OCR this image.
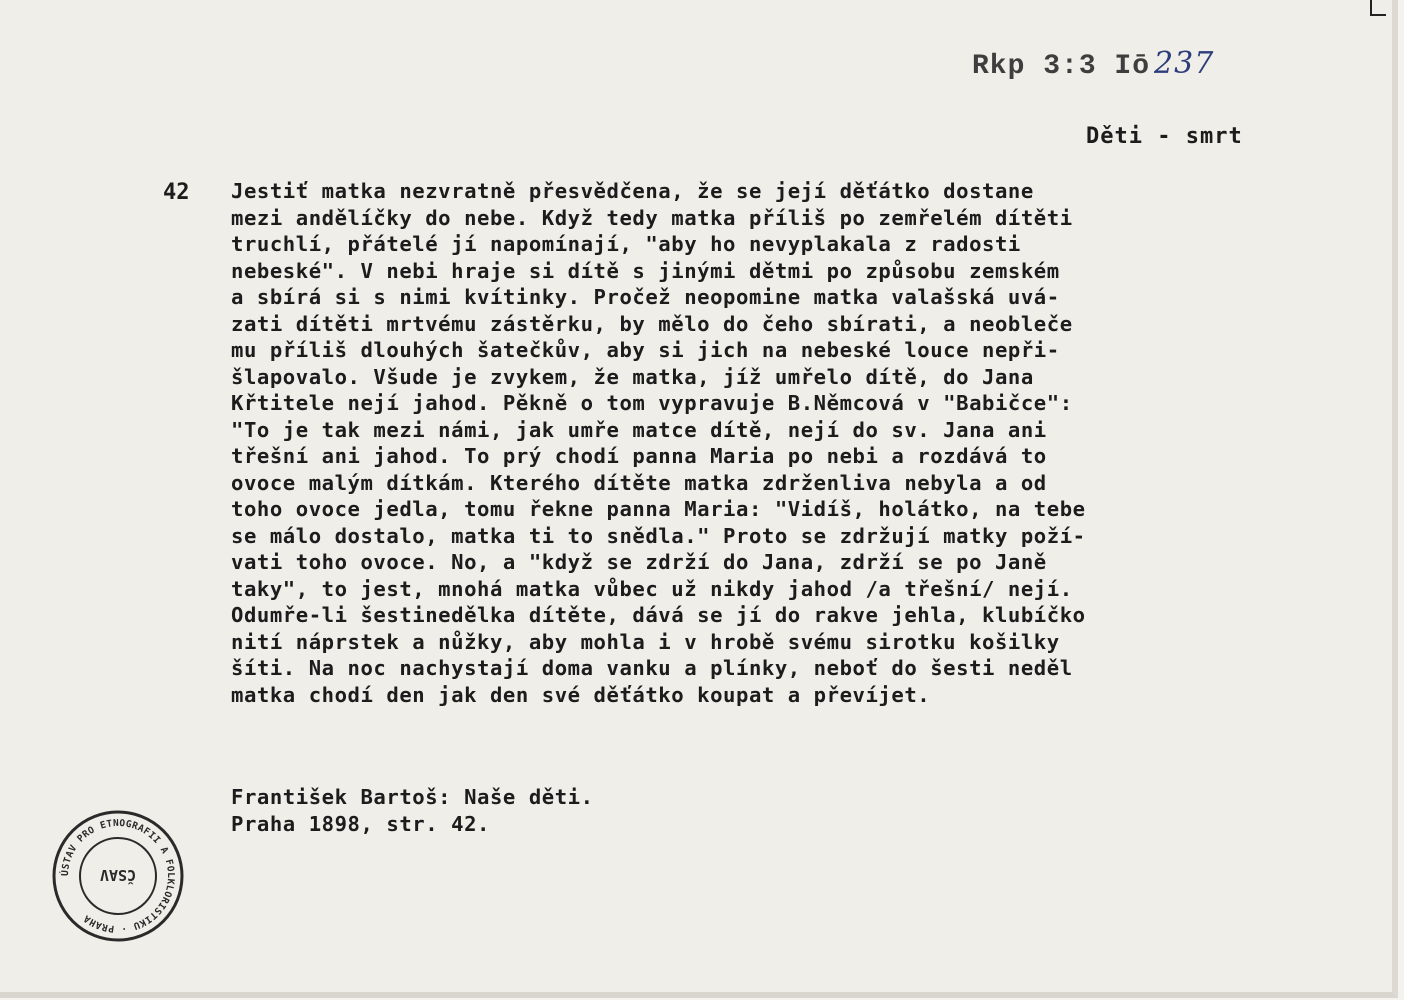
Rkp 3:3 Iō 237
Děti - smrt
42 Jestiť matka nezvratně přesvědčena, že se její děťátko dostane
mezi andělíčky do nebe. Když tedy matka příliš po zemřelém dítěti
truchlí, přátelé jí napomínají, "aby ho nevyplakala z radosti
nebeské". V nebi hraje si dítě s jinými dětmi po způsobu zemském
a sbírá si s nimi kvítinky. Pročež neopomine matka valašská uvá-
zati dítěti mrtvému zástěrku, by mělo do čeho sbírati, a neobleče
mu příliš dlouhých šatečkův, aby si jich na nebeské louce nepři-
šlapovalo. Všude je zvykem, že matka, jíž umřelo dítě, do Jana
Křtitele nejí jahod. Pěkně o tom vypravuje B.Němcová v "Babičce":
"To je tak mezi námi, jak umře matce dítě, nejí do sv. Jana ani
třešní ani jahod. To prý chodí panna Maria po nebi a rozdává to
ovoce malým dítkám. Kterého dítěte matka zdrženliva nebyla a od
toho ovoce jedla, tomu řekne panna Maria: "Vidíš, holátko, na tebe
se málo dostalo, matka ti to snědla." Proto se zdržují matky poží-
vati toho ovoce. No, a "když se zdrží do Jana, zdrží se po Janě
taky", to jest, mnohá matka vůbec už nikdy jahod /a třešní/ nejí.
Odumře-li šestinedělka dítěte, dává se jí do rakve jehla, klubíčko
nití náprstek a nůžky, aby mohla i v hrobě svému sirotku košilky
šíti. Na noc nachystají doma vanku a plínky, neboť do šesti neděl
matka chodí den jak den své děťátko koupat a převíjet.
František Bartoš: Naše děti.
Praha 1898, str. 42.
ÚSTAV PRO ETNOGRAFII A FOLKLORISTIKU · PRAHA
ČSAV
